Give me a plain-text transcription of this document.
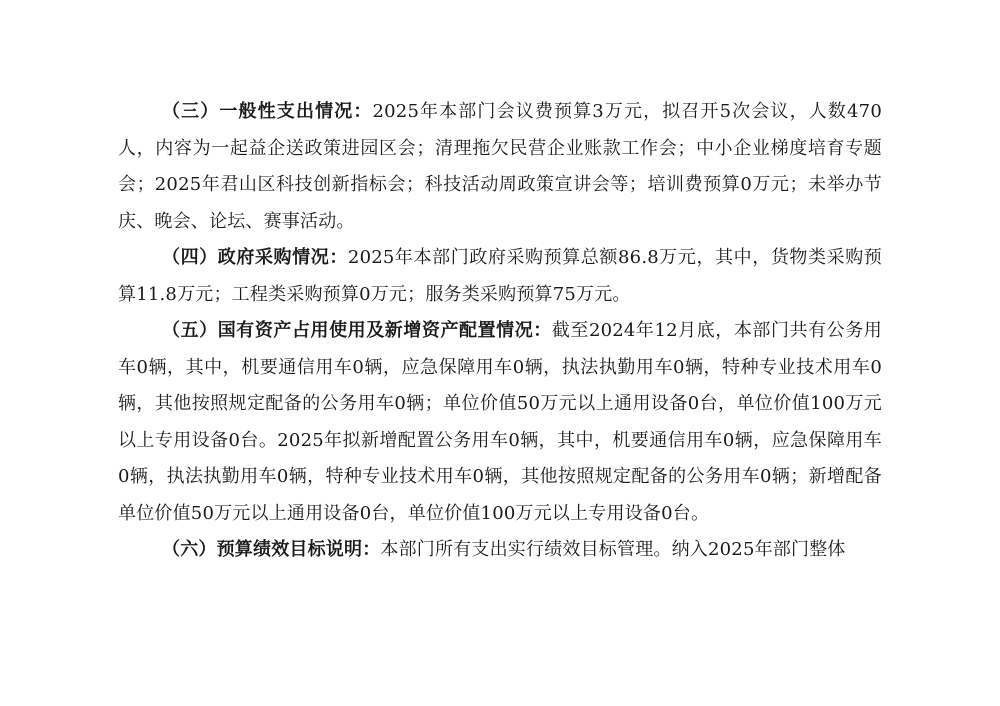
（三）一般性支出情况：2025年本部门会议费预算3万元，拟召开5次会议，人数470人，内容为一起益企送政策进园区会；清理拖欠民营企业账款工作会；中小企业梯度培育专题会；2025年君山区科技创新指标会；科技活动周政策宣讲会等；培训费预算0万元；未举办节庆、晚会、论坛、赛事活动。

（四）政府采购情况：2025年本部门政府采购预算总额86.8万元，其中，货物类采购预算11.8万元；工程类采购预算0万元；服务类采购预算75万元。

（五）国有资产占用使用及新增资产配置情况：截至2024年12月底，本部门共有公务用车0辆，其中，机要通信用车0辆，应急保障用车0辆，执法执勤用车0辆，特种专业技术用车0辆，其他按照规定配备的公务用车0辆；单位价值50万元以上通用设备0台，单位价值100万元以上专用设备0台。2025年拟新增配置公务用车0辆，其中，机要通信用车0辆，应急保障用车0辆，执法执勤用车0辆，特种专业技术用车0辆，其他按照规定配备的公务用车0辆；新增配备单位价值50万元以上通用设备0台，单位价值100万元以上专用设备0台。

（六）预算绩效目标说明：本部门所有支出实行绩效目标管理。纳入2025年部门整体
